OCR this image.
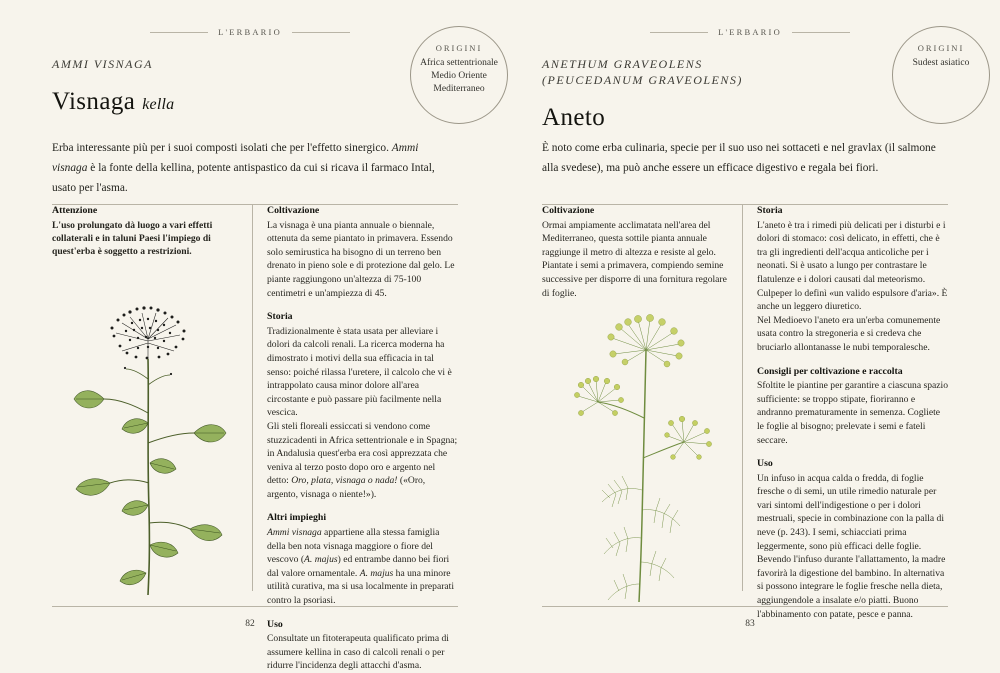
L'ERBARIO
ORIGINI
Africa settentrionale
Medio Oriente
Mediterraneo
AMMI VISNAGA
Visnaga kella
Erba interessante più per i suoi composti isolati che per l'effetto sinergico. Ammi visnaga è la fonte della kellina, potente antispastico da cui si ricava il farmaco Intal, usato per l'asma.
Attenzione
L'uso prolungato dà luogo a vari effetti collaterali e in taluni Paesi l'impiego di quest'erba è soggetto a restrizioni.
Coltivazione
La visnaga è una pianta annuale o biennale, ottenuta da seme piantato in primavera. Essendo solo semirustica ha bisogno di un terreno ben drenato in pieno sole e di protezione dal gelo. Le piante raggiungono un'altezza di 75-100 centimetri e un'ampiezza di 45.
Storia
Tradizionalmente è stata usata per alleviare i dolori da calcoli renali. La ricerca moderna ha dimostrato i motivi della sua efficacia in tal senso: poiché rilassa l'uretere, il calcolo che vi è intrappolato causa minor dolore all'area circostante e può passare più facilmente nella vescica.
Gli steli floreali essiccati si vendono come stuzzicadenti in Africa settentrionale e in Spagna; in Andalusia quest'erba era così apprezzata che veniva al terzo posto dopo oro e argento nel detto: Oro, plata, visnaga o nada! («Oro, argento, visnaga o niente!»).
Altri impieghi
Ammi visnaga appartiene alla stessa famiglia della ben nota visnaga maggiore o fiore del vescovo (A. majus) ed entrambe danno bei fiori dal valore ornamentale. A. majus ha una minore utilità curativa, ma si usa localmente in preparati contro la psoriasi.
Uso
Consultate un fitoterapeuta qualificato prima di assumere kellina in caso di calcoli renali o per ridurre l'incidenza degli attacchi d'asma.
82
L'ERBARIO
ORIGINI
Sudest asiatico
ANETHUM GRAVEOLENS
(PEUCEDANUM GRAVEOLENS)
Aneto
È noto come erba culinaria, specie per il suo uso nei sottaceti e nel gravlax (il salmone alla svedese), ma può anche essere un efficace digestivo e regala bei fiori.
Coltivazione
Ormai ampiamente acclimatata nell'area del Mediterraneo, questa sottile pianta annuale raggiunge il metro di altezza e resiste al gelo. Piantate i semi a primavera, compiendo semine successive per disporre di una fornitura regolare di foglie.
Storia
L'aneto è tra i rimedi più delicati per i disturbi e i dolori di stomaco: così delicato, in effetti, che è tra gli ingredienti dell'acqua anticoliche per i neonati. Si è usato a lungo per contrastare le flatulenze e i dolori causati dal meteorismo. Culpeper lo definì «un valido espulsore d'aria». È anche un leggero diuretico.
Nel Medioevo l'aneto era un'erba comunemente usata contro la stregoneria e si credeva che bruciarlo allontanasse le nubi temporalesche.
Consigli per coltivazione e raccolta
Sfoltite le piantine per garantire a ciascuna spazio sufficiente: se troppo stipate, fioriranno e andranno prematuramente in semenza. Cogliete le foglie al bisogno; prelevate i semi e fateli seccare.
Uso
Un infuso in acqua calda o fredda, di foglie fresche o di semi, un utile rimedio naturale per vari sintomi dell'indigestione o per i dolori mestruali, specie in combinazione con la palla di neve (p. 243). I semi, schiacciati prima leggermente, sono più efficaci delle foglie. Bevendo l'infuso durante l'allattamento, la madre favorirà la digestione del bambino. In alternativa si possono integrare le foglie fresche nella dieta, aggiungendole a insalate e/o piatti. Buono l'abbinamento con patate, pesce e panna.
83
